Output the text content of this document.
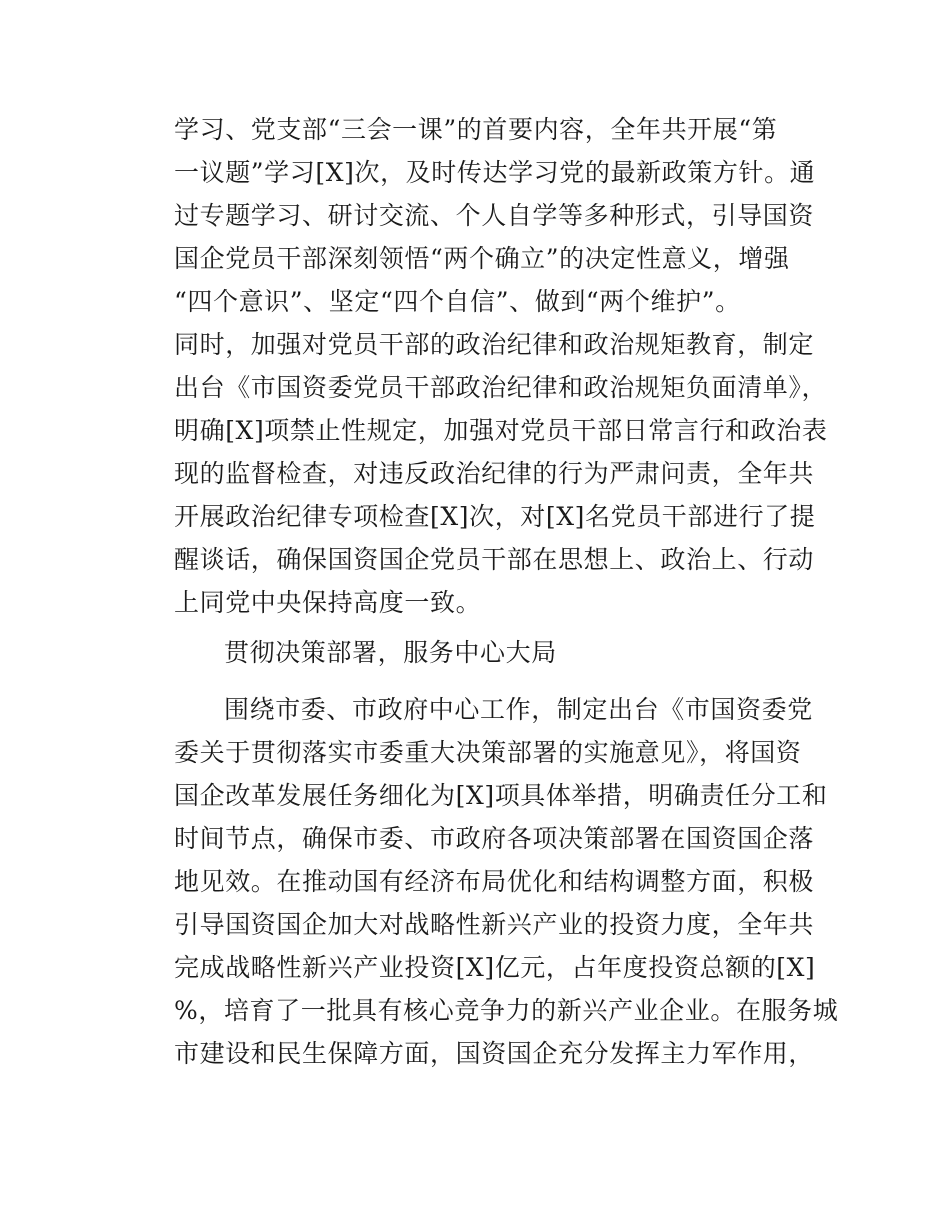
学习、党支部“三会一课”的首要内容，全年共开展“第
一议题”学习[X]次，及时传达学习党的最新政策方针。通
过专题学习、研讨交流、个人自学等多种形式，引导国资
国企党员干部深刻领悟“两个确立”的决定性意义，增强
“四个意识”、坚定“四个自信”、做到“两个维护”。
同时，加强对党员干部的政治纪律和政治规矩教育，制定
出台《市国资委党员干部政治纪律和政治规矩负面清单》，
明确[X]项禁止性规定，加强对党员干部日常言行和政治表
现的监督检查，对违反政治纪律的行为严肃问责，全年共
开展政治纪律专项检查[X]次，对[X]名党员干部进行了提
醒谈话，确保国资国企党员干部在思想上、政治上、行动
上同党中央保持高度一致。
贯彻决策部署，服务中心大局
围绕市委、市政府中心工作，制定出台《市国资委党
委关于贯彻落实市委重大决策部署的实施意见》，将国资
国企改革发展任务细化为[X]项具体举措，明确责任分工和
时间节点，确保市委、市政府各项决策部署在国资国企落
地见效。在推动国有经济布局优化和结构调整方面，积极
引导国资国企加大对战略性新兴产业的投资力度，全年共
完成战略性新兴产业投资[X]亿元，占年度投资总额的[X]
%，培育了一批具有核心竞争力的新兴产业企业。在服务城
市建设和民生保障方面，国资国企充分发挥主力军作用，
